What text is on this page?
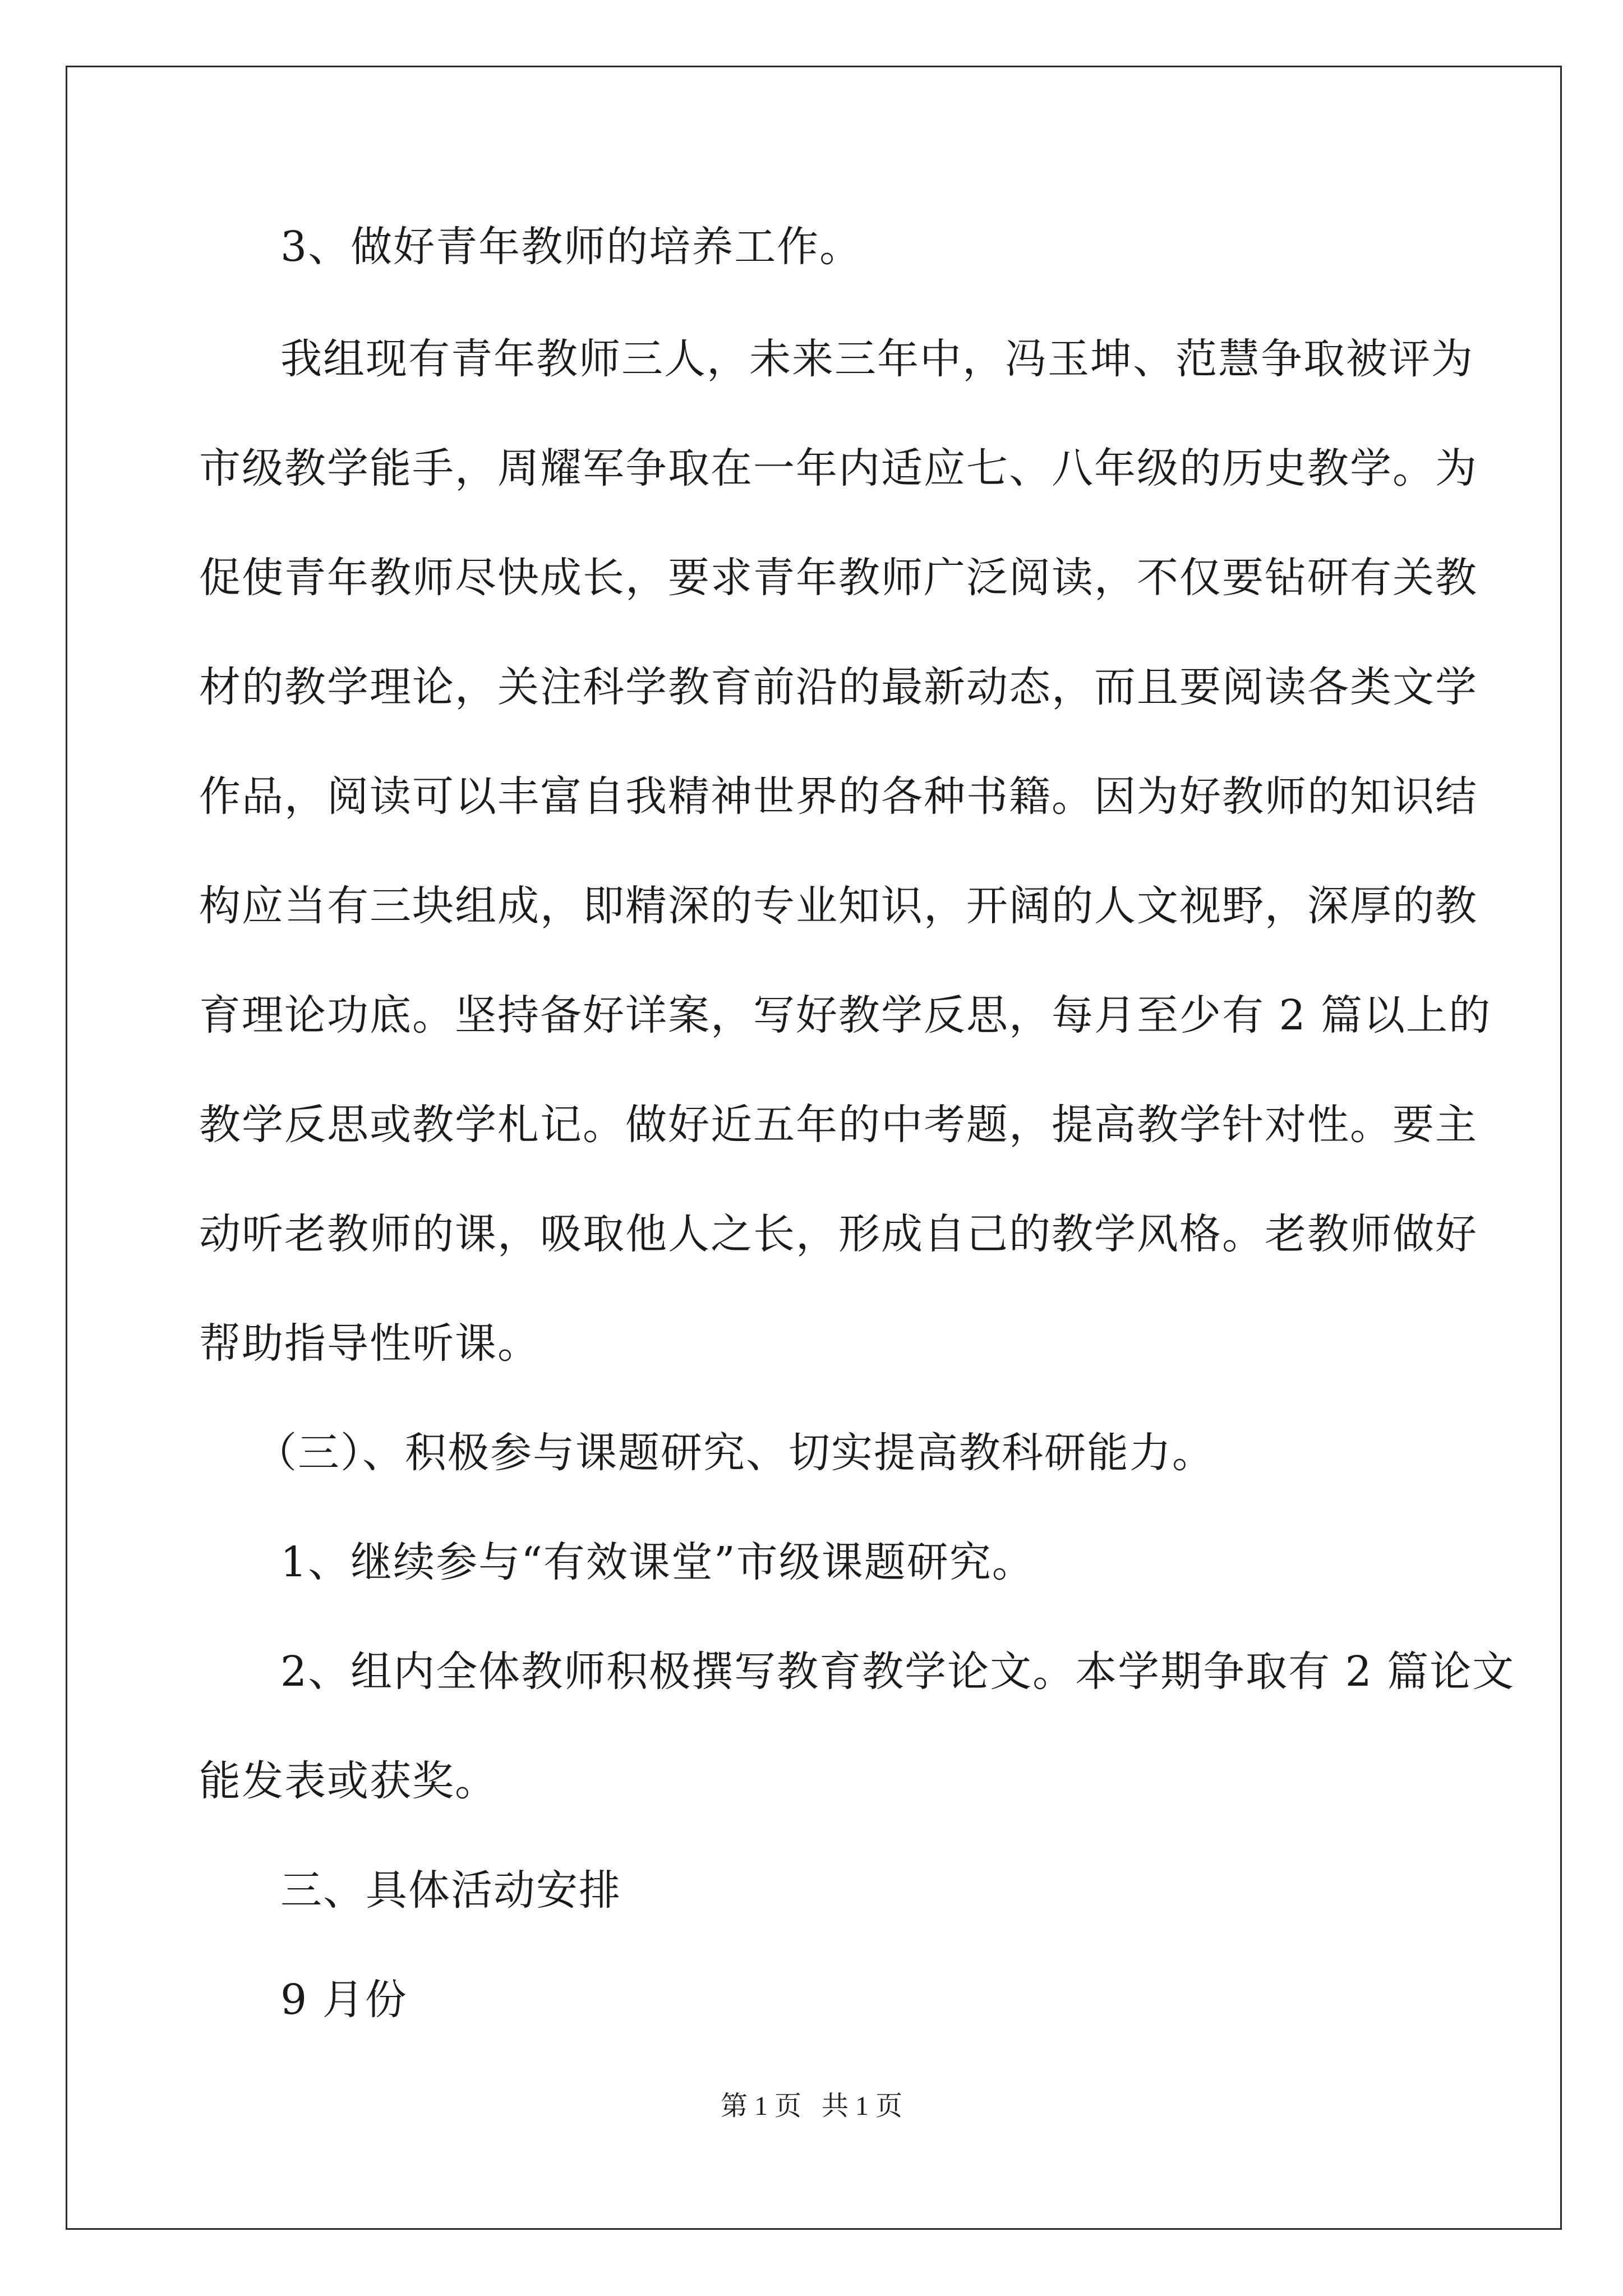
3、做好青年教师的培养工作。
我组现有青年教师三人，未来三年中，冯玉坤、范慧争取被评为
市级教学能手，周耀军争取在一年内适应七、八年级的历史教学。为
促使青年教师尽快成长，要求青年教师广泛阅读，不仅要钻研有关教
材的教学理论，关注科学教育前沿的最新动态，而且要阅读各类文学
作品，阅读可以丰富自我精神世界的各种书籍。因为好教师的知识结
构应当有三块组成，即精深的专业知识，开阔的人文视野，深厚的教
育理论功底。坚持备好详案，写好教学反思，每月至少有 2 篇以上的
教学反思或教学札记。做好近五年的中考题，提高教学针对性。要主
动听老教师的课，吸取他人之长，形成自己的教学风格。老教师做好
帮助指导性听课。
（三）、积极参与课题研究、切实提高教科研能力。
1、继续参与“有效课堂”市级课题研究。
2、组内全体教师积极撰写教育教学论文。本学期争取有 2 篇论文
能发表或获奖。
三、具体活动安排
9 月份
第 1 页   共 1 页
